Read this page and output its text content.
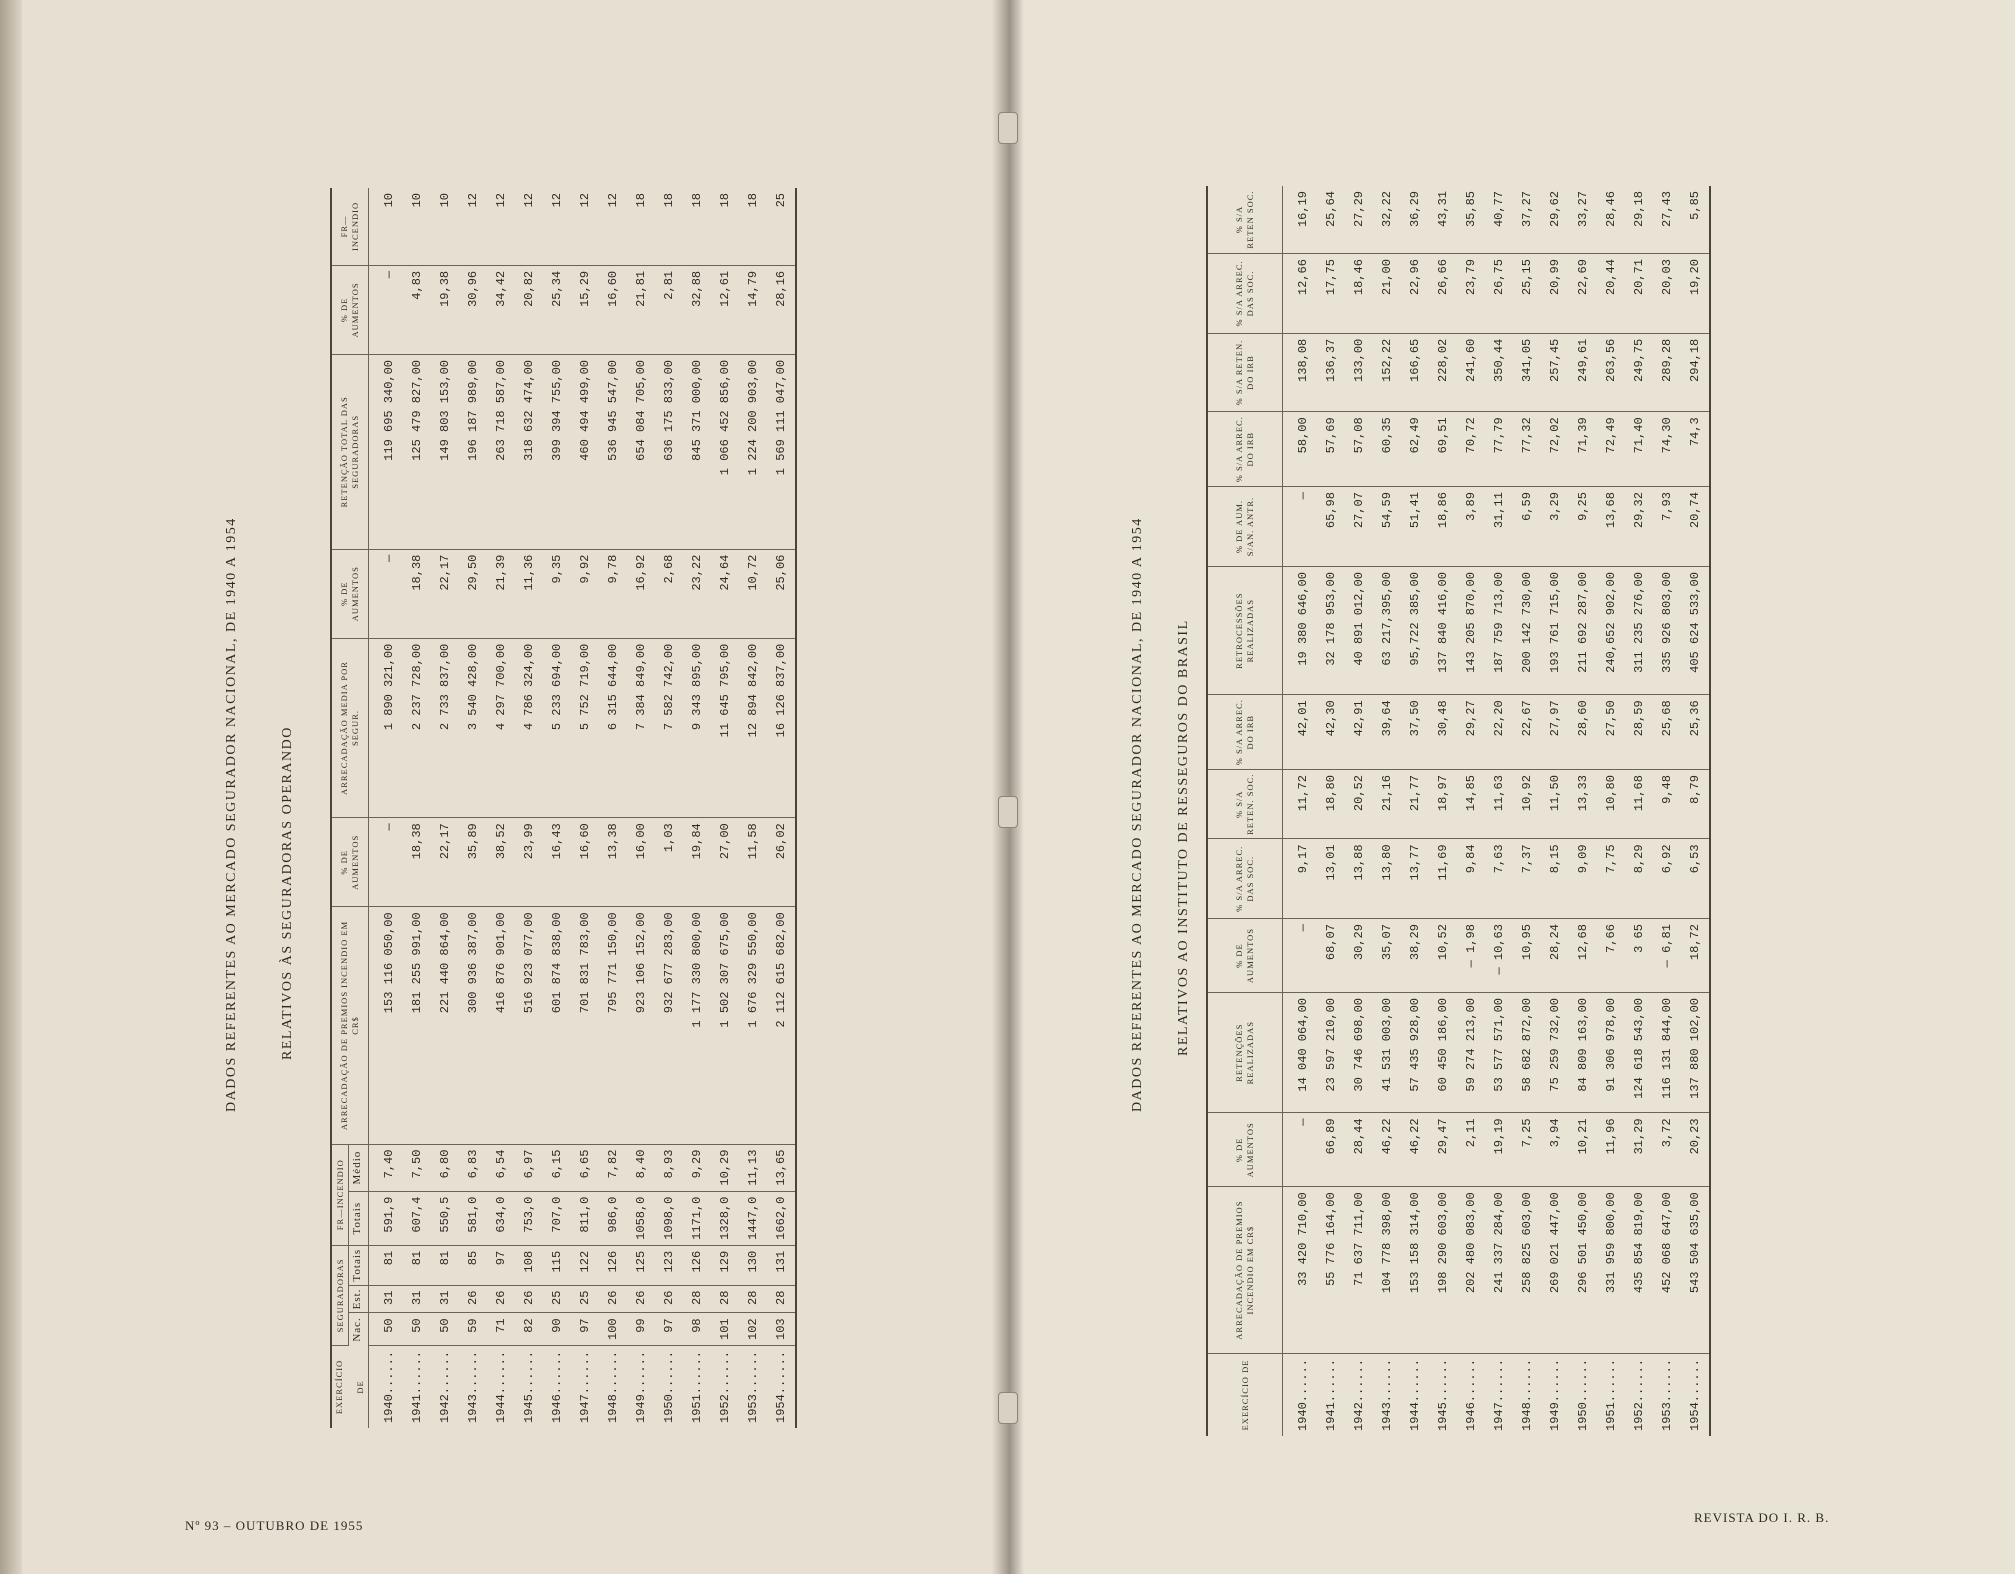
DADOS REFERENTES AO MERCADO SEGURADOR NACIONAL, DE 1940 A 1954	RELATIVOS ÀS SEGURADORAS OPERANDO
EXERCÍCIO DE	SEGURADORAS			FR—INCENDIO		ARRECADAÇÃO DE PREMIOS INCENDIO EM CR$	% DE AUMENTOS	ARRECADAÇÃO MEDIA POR SEGUR.	% DE AUMENTOS	RETENÇÃO TOTAL DAS SEGURADORAS	% DE AUMENTOS	FR—INCENDIO
	Nac.	Est.	Totais	Totais	Médio							
1940......	50	31	81	591,9	7,40	153 116 050,00	—	1 890 321,00	—	119 695 340,00	—	10
1941......	50	31	81	607,4	7,50	181 255 991,00	18,38	2 237 728,00	18,38	125 479 827,00	4,83	10
1942......	50	31	81	550,5	6,80	221 440 864,00	22,17	2 733 837,00	22,17	149 803 153,00	19,38	10
1943......	59	26	85	581,0	6,83	300 936 387,00	35,89	3 540 428,00	29,50	196 187 989,00	30,96	12
1944......	71	26	97	634,0	6,54	416 876 901,00	38,52	4 297 700,00	21,39	263 718 587,00	34,42	12
1945......	82	26	108	753,0	6,97	516 923 077,00	23,99	4 786 324,00	11,36	318 632 474,00	20,82	12
1946......	90	25	115	707,0	6,15	601 874 838,00	16,43	5 233 694,00	9,35	399 394 755,00	25,34	12
1947......	97	25	122	811,0	6,65	701 831 783,00	16,60	5 752 719,00	9,92	460 494 499,00	15,29	12
1948......	100	26	126	986,0	7,82	795 771 150,00	13,38	6 315 644,00	9,78	536 945 547,00	16,60	12
1949......	99	26	125	1058,0	8,40	923 106 152,00	16,00	7 384 849,00	16,92	654 084 705,00	21,81	18
1950......	97	26	123	1098,0	8,93	932 677 283,00	1,03	7 582 742,00	2,68	636 175 833,00	2,81	18
1951......	98	28	126	1171,0	9,29	1 177 330 800,00	19,84	9 343 895,00	23,22	845 371 000,00	32,88	18
1952......	101	28	129	1328,0	10,29	1 502 307 675,00	27,00	11 645 795,00	24,64	1 066 452 856,00	12,61	18
1953......	102	28	130	1447,0	11,13	1 676 329 550,00	11,58	12 894 842,00	10,72	1 224 200 903,00	14,79	18
1954......	103	28	131	1662,0	13,65	2 112 615 682,00	26,02	16 126 837,00	25,06	1 569 111 047,00	28,16	25
Nº 93 – OUTUBRO DE 1955
DADOS REFERENTES AO MERCADO SEGURADOR NACIONAL, DE 1940 A 1954 RELATIVOS AO INSTITUTO DE RESSEGUROS DO BRASIL
EXERCÍCIO DE	ARRECADAÇÃO DE PREMIOS INCENDIO EM CR$	% DE AUMENTOS	RETENÇÕES REALIZADAS	% DE AUMENTOS	% S/A ARREC. DAS SOC.	% S/A RETEN. SOC.	% S/A ARREC. DO IRB	RETROCESSÕES REALIZADAS	% DE AUM. S/AN. ANTR.	% S/A ARREC. DO IRB	% S/A RETEN. DO IRB	% S/A ARREC. DAS SOC.	% S/A RETEN SOC.
1940......	33 420 710,00	—	14 040 064,00	—	9,17	11,72	42,01	19 380 646,00	—	58,00	138,08	12,66	16,19
1941......	55 776 164,00	66,89	23 597 210,00	68,07	13,01	18,80	42,30	32 178 953,00	65,98	57,69	136,37	17,75	25,64
1942......	71 637 711,00	28,44	30 746 698,00	30,29	13,88	20,52	42,91	40 891 012,00	27,07	57,08	133,00	18,46	27,29
1943......	104 778 398,00	46,22	41 531 003,00	35,07	13,80	21,16	39,64	63 217,395,00	54,59	60,35	152,22	21,00	32,22
1944......	153 158 314,00	46,22	57 435 928,00	38,29	13,77	21,77	37,50	95,722 385,00	51,41	62,49	166,65	22,96	36,29
1945......	198 290 603,00	29,47	60 450 186,00	10,52	11,69	18,97	30,48	137 840 416,00	18,86	69,51	228,02	26,66	43,31
1946......	202 480 083,00	2,11	59 274 213,00	— 1,98	9,84	14,85	29,27	143 205 870,00	3,89	70,72	241,60	23,79	35,85
1947......	241 337 284,00	19,19	53 577 571,00	— 10,63	7,63	11,63	22,20	187 759 713,00	31,11	77,79	350,44	26,75	40,77
1948......	258 825 603,00	7,25	58 682 872,00	10,95	7,37	10,92	22,67	200 142 730,00	6,59	77,32	341,05	25,15	37,27
1949......	269 021 447,00	3,94	75 259 732,00	28,24	8,15	11,50	27,97	193 761 715,00	3,29	72,02	257,45	20,99	29,62
1950......	296 501 450,00	10,21	84 809 163,00	12,68	9,09	13,33	28,60	211 692 287,00	9,25	71,39	249,61	22,69	33,27
1951......	331 959 800,00	11,96	91 306 978,00	7,66	7,75	10,80	27,50	240,652 902,00	13,68	72,49	263,56	20,44	28,46
1952......	435 854 819,00	31,29	124 618 543,00	3 65	8,29	11,68	28,59	311 235 276,00	29,32	71,40	249,75	20,71	29,18
1953......	452 068 647,00	3,72	116 131 844,00	— 6,81	6,92	9,48	25,68	335 926 803,00	7,93	74,30	289,28	20,03	27,43
1954......	543 504 635,00	20,23	137 880 102,00	18,72	6,53	8,79	25,36	405 624 533,00	20,74	74,3	294,18	19,20	5,85
REVISTA DO I. R. B.
